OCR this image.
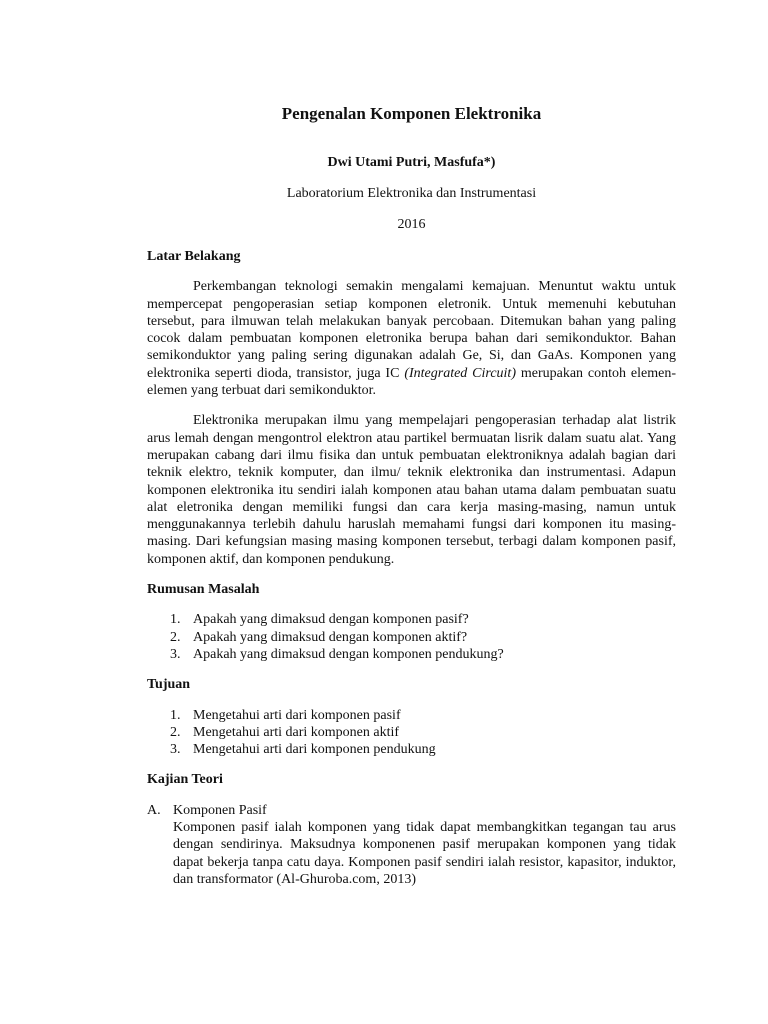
Pengenalan Komponen Elektronika
Dwi Utami Putri, Masfufa*)
Laboratorium Elektronika dan Instrumentasi
2016
Latar Belakang

Perkembangan teknologi semakin mengalami kemajuan. Menuntut waktu untuk mempercepat pengoperasian setiap komponen eletronik. Untuk memenuhi kebutuhan tersebut, para ilmuwan telah melakukan banyak percobaan. Ditemukan bahan yang paling cocok dalam pembuatan komponen eletronika berupa bahan dari semikonduktor. Bahan semikonduktor yang paling sering digunakan adalah Ge, Si, dan GaAs. Komponen yang elektronika seperti dioda, transistor, juga IC (Integrated Circuit) merupakan contoh elemen-elemen yang terbuat dari semikonduktor.

Elektronika merupakan ilmu yang mempelajari pengoperasian terhadap alat listrik arus lemah dengan mengontrol elektron atau partikel bermuatan lisrik dalam suatu alat. Yang merupakan cabang dari ilmu fisika dan untuk pembuatan elektroniknya adalah bagian dari teknik elektro, teknik komputer, dan ilmu/ teknik elektronika dan instrumentasi. Adapun komponen elektronika itu sendiri ialah komponen atau bahan utama dalam pembuatan suatu alat eletronika dengan memiliki fungsi dan cara kerja masing-masing, namun untuk menggunakannya terlebih dahulu haruslah memahami fungsi dari komponen itu masing-masing. Dari kefungsian masing masing komponen tersebut, terbagi dalam komponen pasif, komponen aktif, dan komponen pendukung.

Rumusan Masalah
1. Apakah yang dimaksud dengan komponen pasif?
2. Apakah yang dimaksud dengan komponen aktif?
3. Apakah yang dimaksud dengan komponen pendukung?
Tujuan
1. Mengetahui arti dari komponen pasif
2. Mengetahui arti dari komponen aktif
3. Mengetahui arti dari komponen pendukung
Kajian Teori
A. Komponen Pasif
Komponen pasif ialah komponen yang tidak dapat membangkitkan tegangan tau arus dengan sendirinya. Maksudnya komponenen pasif merupakan komponen yang tidak dapat bekerja tanpa catu daya. Komponen pasif sendiri ialah resistor, kapasitor, induktor, dan transformator (Al-Ghuroba.com, 2013)
